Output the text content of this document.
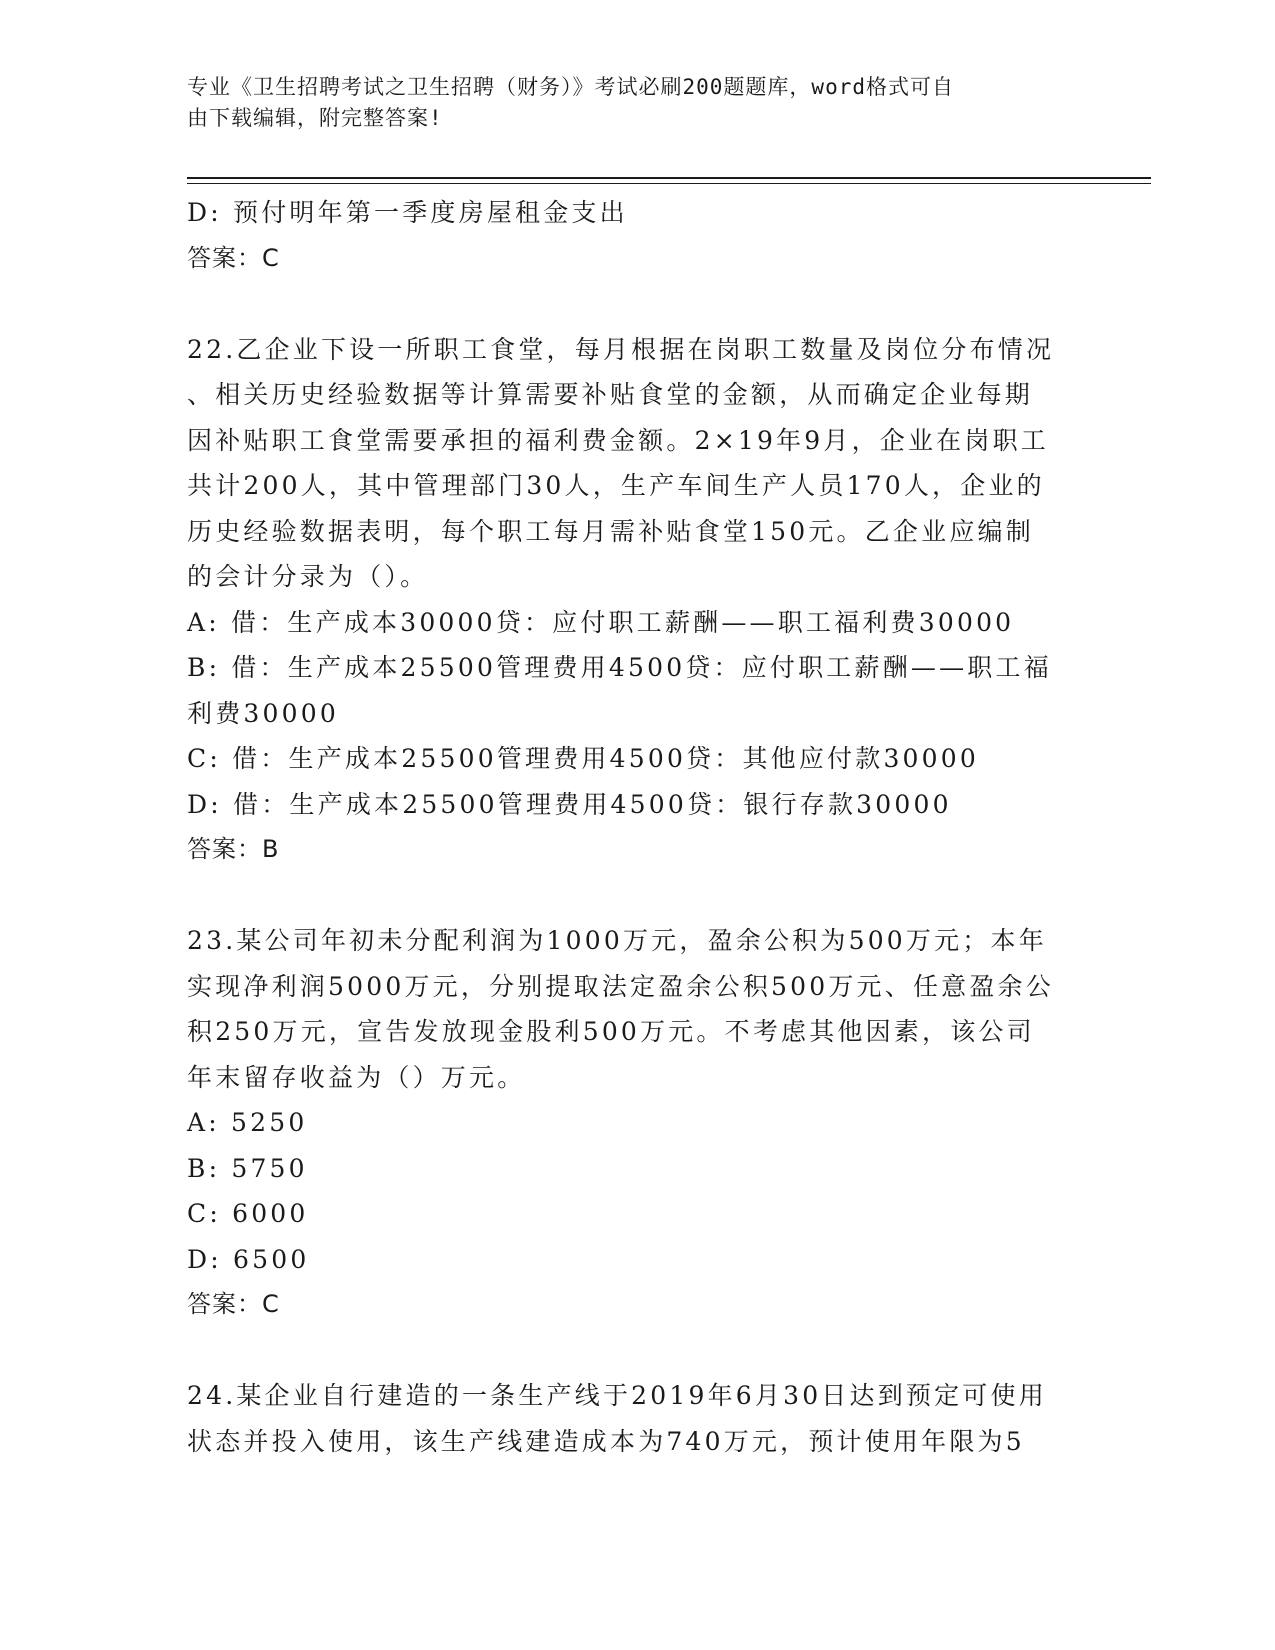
专业《卫生招聘考试之卫生招聘（财务）》考试必刷200题题库，word格式可自
由下载编辑，附完整答案!
D: 预付明年第一季度房屋租金支出
答案：C
22.乙企业下设一所职工食堂，每月根据在岗职工数量及岗位分布情况
、相关历史经验数据等计算需要补贴食堂的金额，从而确定企业每期
因补贴职工食堂需要承担的福利费金额。2×19年9月，企业在岗职工
共计200人，其中管理部门30人，生产车间生产人员170人，企业的
历史经验数据表明，每个职工每月需补贴食堂150元。乙企业应编制
的会计分录为（）。
A: 借：生产成本30000贷：应付职工薪酬——职工福利费30000
B: 借：生产成本25500管理费用4500贷：应付职工薪酬——职工福
利费30000
C: 借：生产成本25500管理费用4500贷：其他应付款30000
D: 借：生产成本25500管理费用4500贷：银行存款30000
答案：B
23.某公司年初未分配利润为1000万元，盈余公积为500万元；本年
实现净利润5000万元，分别提取法定盈余公积500万元、任意盈余公
积250万元，宣告发放现金股利500万元。不考虑其他因素，该公司
年末留存收益为（）万元。
A: 5250
B: 5750
C: 6000
D: 6500
答案：C
24.某企业自行建造的一条生产线于2019年6月30日达到预定可使用
状态并投入使用，该生产线建造成本为740万元，预计使用年限为5
